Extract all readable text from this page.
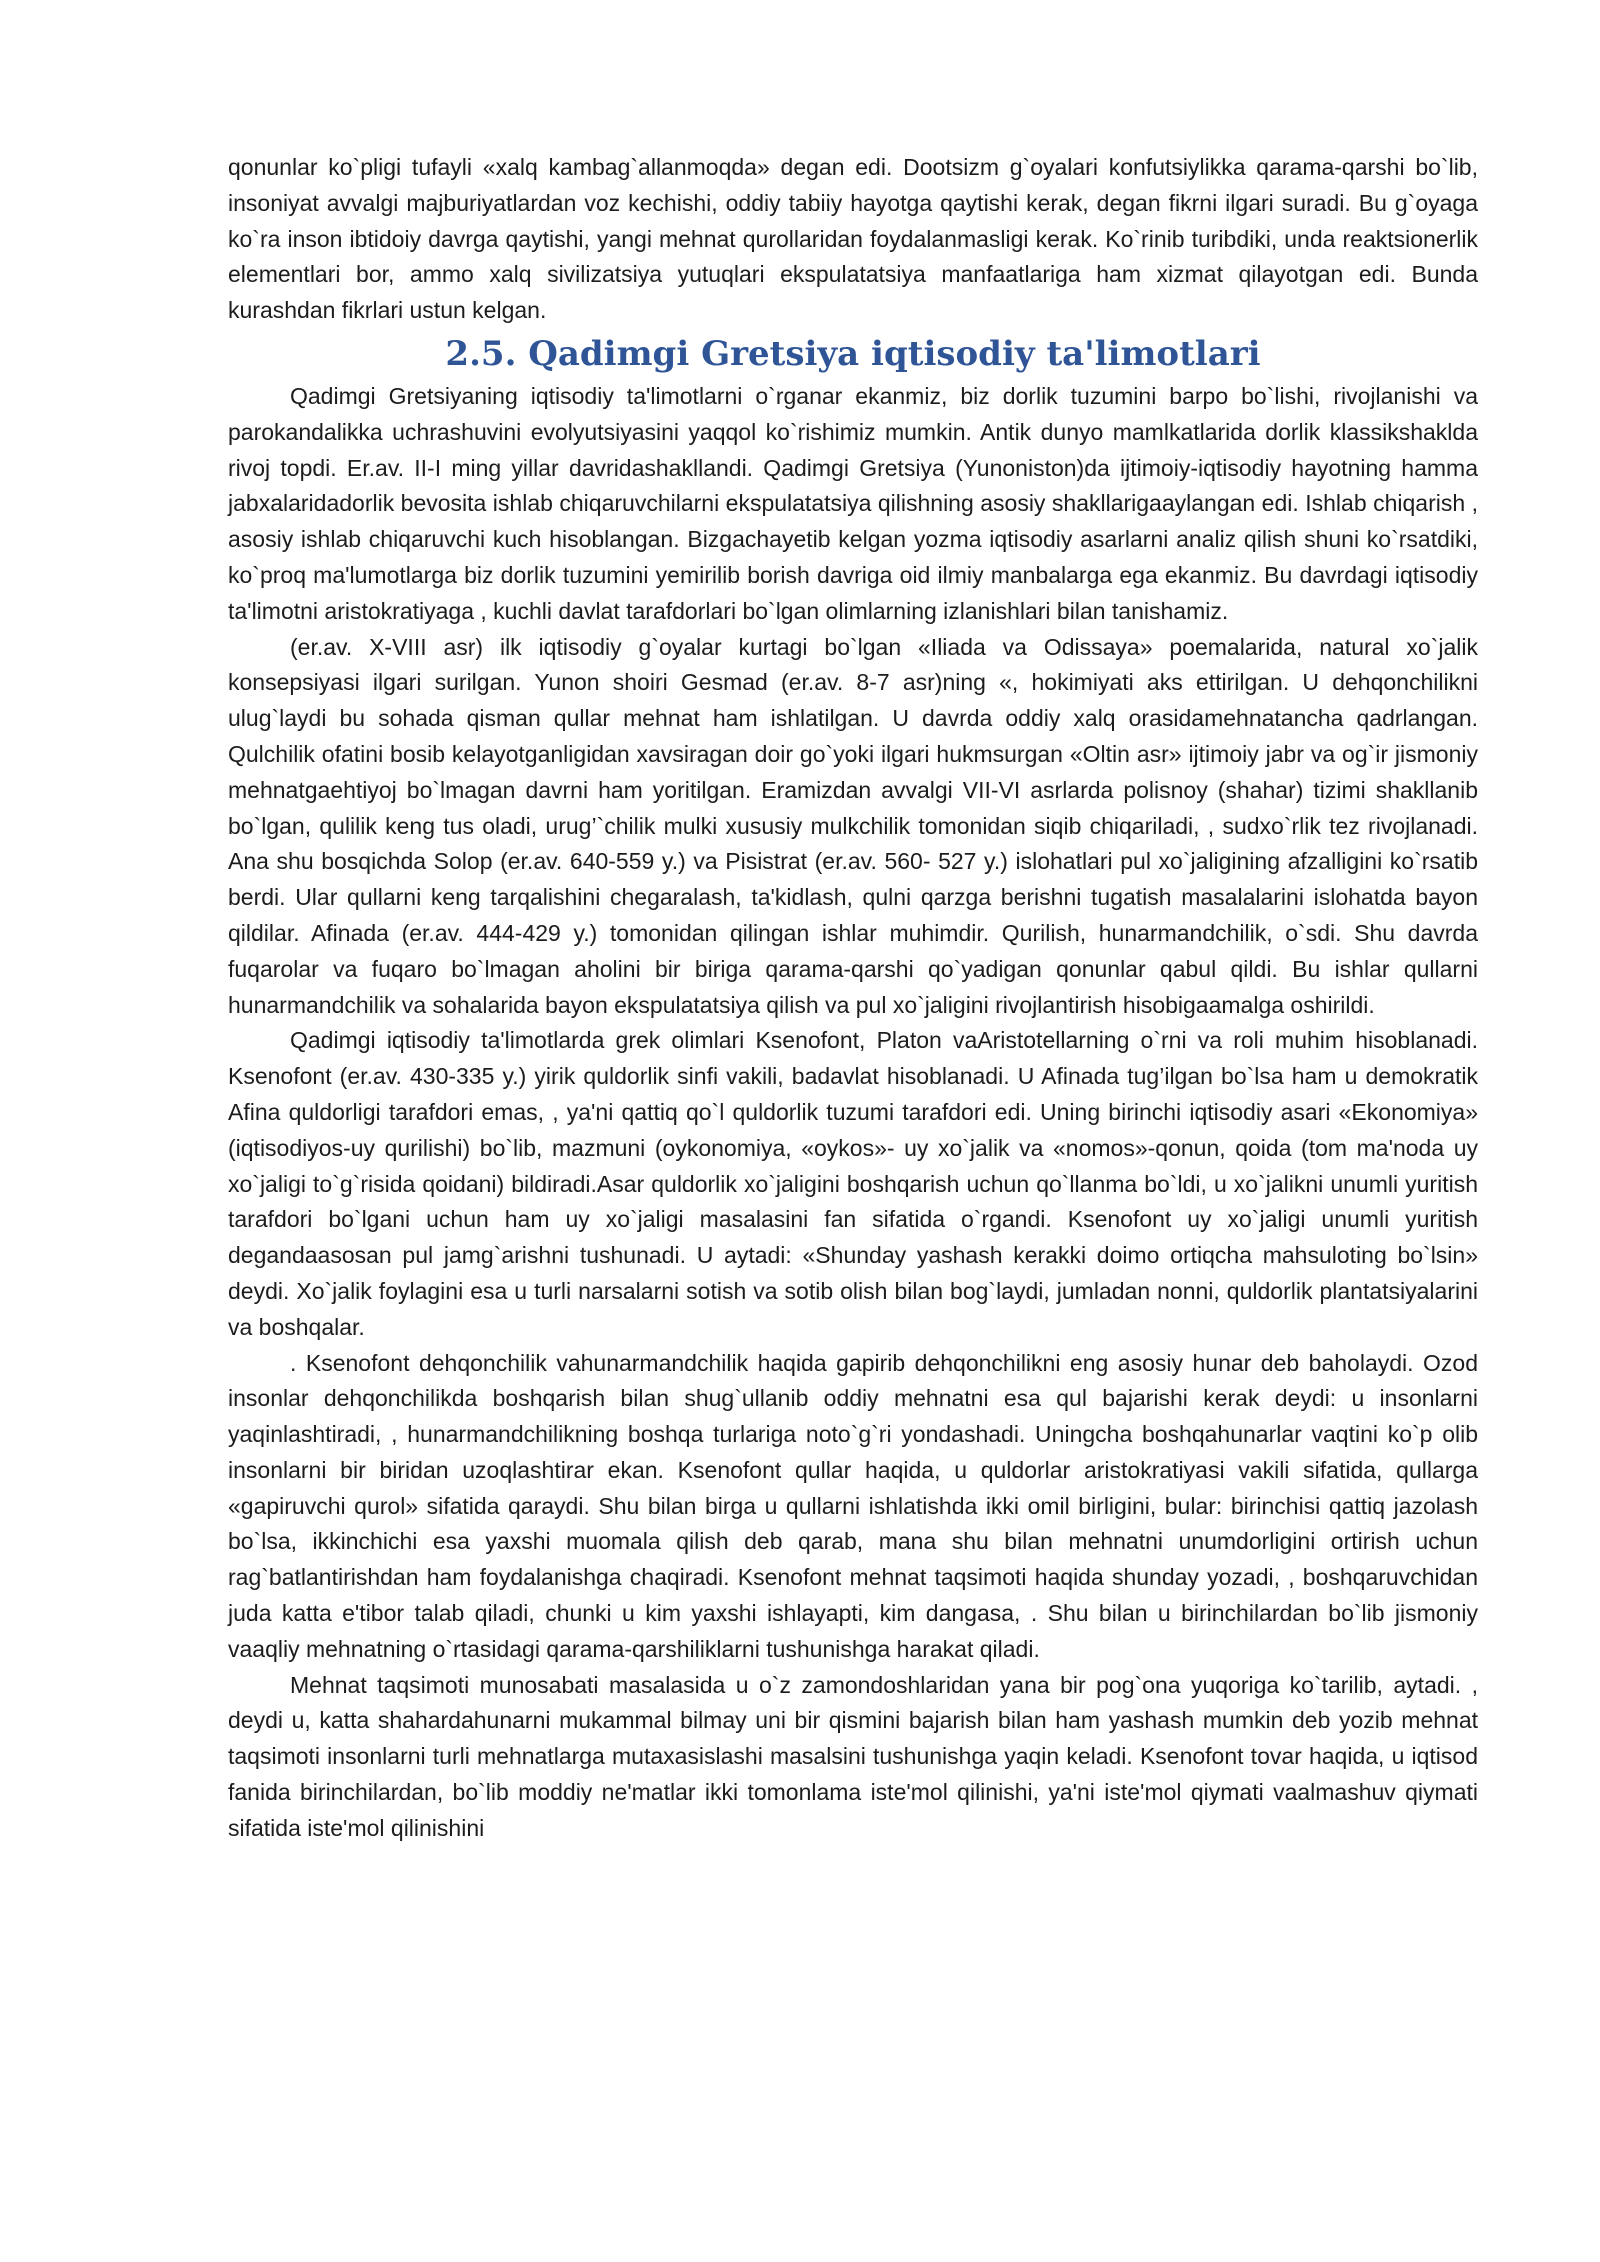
qonunlar ko`pligi tufayli «xalq kambag`allanmoqda» degan edi. Dootsizm g`oyalari konfutsiylikka qarama-qarshi bo`lib, insoniyat avvalgi majburiyatlardan voz kechishi, oddiy tabiiy hayotga qaytishi kerak, degan fikrni ilgari suradi. Bu g`oyaga ko`ra inson ibtidoiy davrga qaytishi, yangi mehnat qurollaridan foydalanmasligi kerak. Ko`rinib turibdiki, unda reaktsionerlik elementlari bor, ammo xalq sivilizatsiya yutuqlari ekspulatatsiya manfaatlariga ham xizmat qilayotgan edi. Bunda kurashdan fikrlari ustun kelgan.

2.5. Qadimgi Gretsiya iqtisodiy ta'limotlari

Qadimgi Gretsiyaning iqtisodiy ta'limotlarni o`rganar ekanmiz, biz dorlik tuzumini barpo bo`lishi, rivojlanishi va parokandalikka uchrashuvini evolyutsiyasini yaqqol ko`rishimiz mumkin. Antik dunyo mamlkatlarida dorlik klassikshaklda rivoj topdi. Er.av. II-I ming yillar davridashakllandi. Qadimgi Gretsiya (Yunoniston)da ijtimoiy-iqtisodiy hayotning hamma jabxalaridadorlik bevosita ishlab chiqaruvchilarni ekspulatatsiya qilishning asosiy shakllarigaaylangan edi. Ishlab chiqarish , asosiy ishlab chiqaruvchi kuch hisoblangan. Bizgachayetib kelgan yozma iqtisodiy asarlarni analiz qilish shuni ko`rsatdiki, ko`proq ma'lumotlarga biz dorlik tuzumini yemirilib borish davriga oid ilmiy manbalarga ega ekanmiz. Bu davrdagi iqtisodiy ta'limotni aristokratiyaga , kuchli davlat tarafdorlari bo`lgan olimlarning izlanishlari bilan tanishamiz.

(er.av. X-VIII asr) ilk iqtisodiy g`oyalar kurtagi bo`lgan «Iliada va Odissaya» poemalarida, natural xo`jalik konsepsiyasi ilgari surilgan. Yunon shoiri Gesmad (er.av. 8-7 asr)ning «, hokimiyati aks ettirilgan. U dehqonchilikni ulug`laydi bu sohada qisman qullar mehnat ham ishlatilgan. U davrda oddiy xalq orasidamehnatancha qadrlangan. Qulchilik ofatini bosib kelayotganligidan xavsiragan doir go`yoki ilgari hukmsurgan «Oltin asr» ijtimoiy jabr va og`ir jismoniy mehnatgaehtiyoj bo`lmagan davrni ham yoritilgan. Eramizdan avvalgi VII-VI asrlarda polisnoy (shahar) tizimi shakllanib bo`lgan, qulilik keng tus oladi, urug’`chilik mulki xususiy mulkchilik tomonidan siqib chiqariladi, , sudxo`rlik tez rivojlanadi. Ana shu bosqichda Solop (er.av. 640-559 y.) va Pisistrat (er.av. 560- 527 y.) islohatlari pul xo`jaligining afzalligini ko`rsatib berdi. Ular qullarni keng tarqalishini chegaralash, ta'kidlash, qulni qarzga berishni tugatish masalalarini islohatda bayon qildilar. Afinada (er.av. 444-429 y.) tomonidan qilingan ishlar muhimdir. Qurilish, hunarmandchilik, o`sdi. Shu davrda fuqarolar va fuqaro bo`lmagan aholini bir biriga qarama-qarshi qo`yadigan qonunlar qabul qildi. Bu ishlar qullarni hunarmandchilik va sohalarida bayon ekspulatatsiya qilish va pul xo`jaligini rivojlantirish hisobigaamalga oshirildi.

Qadimgi iqtisodiy ta'limotlarda grek olimlari Ksenofont, Platon vaAristotellarning o`rni va roli muhim hisoblanadi. Ksenofont (er.av. 430-335 y.) yirik quldorlik sinfi vakili, badavlat hisoblanadi. U Afinada tug’ilgan bo`lsa ham u demokratik Afina quldorligi tarafdori emas, , ya'ni qattiq qo`l quldorlik tuzumi tarafdori edi. Uning birinchi iqtisodiy asari «Ekonomiya» (iqtisodiyos-uy qurilishi) bo`lib, mazmuni (oykonomiya, «oykos»- uy xo`jalik va «nomos»-qonun, qoida (tom ma'noda uy xo`jaligi to`g`risida qoidani) bildiradi.Asar quldorlik xo`jaligini boshqarish uchun qo`llanma bo`ldi, u xo`jalikni unumli yuritish tarafdori bo`lgani uchun ham uy xo`jaligi masalasini fan sifatida o`rgandi. Ksenofont uy xo`jaligi unumli yuritish degandaasosan pul jamg`arishni tushunadi. U aytadi: «Shunday yashash kerakki doimo ortiqcha mahsuloting bo`lsin» deydi. Xo`jalik foylagini esa u turli narsalarni sotish va sotib olish bilan bog`laydi, jumladan nonni, quldorlik plantatsiyalarini va boshqalar.

. Ksenofont dehqonchilik vahunarmandchilik haqida gapirib dehqonchilikni eng asosiy hunar deb baholaydi. Ozod insonlar dehqonchilikda boshqarish bilan shug`ullanib oddiy mehnatni esa qul bajarishi kerak deydi: u insonlarni yaqinlashtiradi, , hunarmandchilikning boshqa turlariga noto`g`ri yondashadi. Uningcha boshqahunarlar vaqtini ko`p olib insonlarni bir biridan uzoqlashtirar ekan. Ksenofont qullar haqida, u quldorlar aristokratiyasi vakili sifatida, qullarga «gapiruvchi qurol» sifatida qaraydi. Shu bilan birga u qullarni ishlatishda ikki omil birligini, bular: birinchisi qattiq jazolash bo`lsa, ikkinchichi esa yaxshi muomala qilish deb qarab, mana shu bilan mehnatni unumdorligini ortirish uchun rag`batlantirishdan ham foydalanishga chaqiradi. Ksenofont mehnat taqsimoti haqida shunday yozadi, , boshqaruvchidan juda katta e'tibor talab qiladi, chunki u kim yaxshi ishlayapti, kim dangasa, . Shu bilan u birinchilardan bo`lib jismoniy vaaqliy mehnatning o`rtasidagi qarama-qarshiliklarni tushunishga harakat qiladi.

Mehnat taqsimoti munosabati masalasida u o`z zamondoshlaridan yana bir pog`ona yuqoriga ko`tarilib, aytadi. , deydi u, katta shahardahunarni mukammal bilmay uni bir qismini bajarish bilan ham yashash mumkin deb yozib mehnat taqsimoti insonlarni turli mehnatlarga mutaxasislashi masalsini tushunishga yaqin keladi. Ksenofont tovar haqida, u iqtisod fanida birinchilardan, bo`lib moddiy ne'matlar ikki tomonlama iste'mol qilinishi, ya'ni iste'mol qiymati vaalmashuv qiymati sifatida iste'mol qilinishini
